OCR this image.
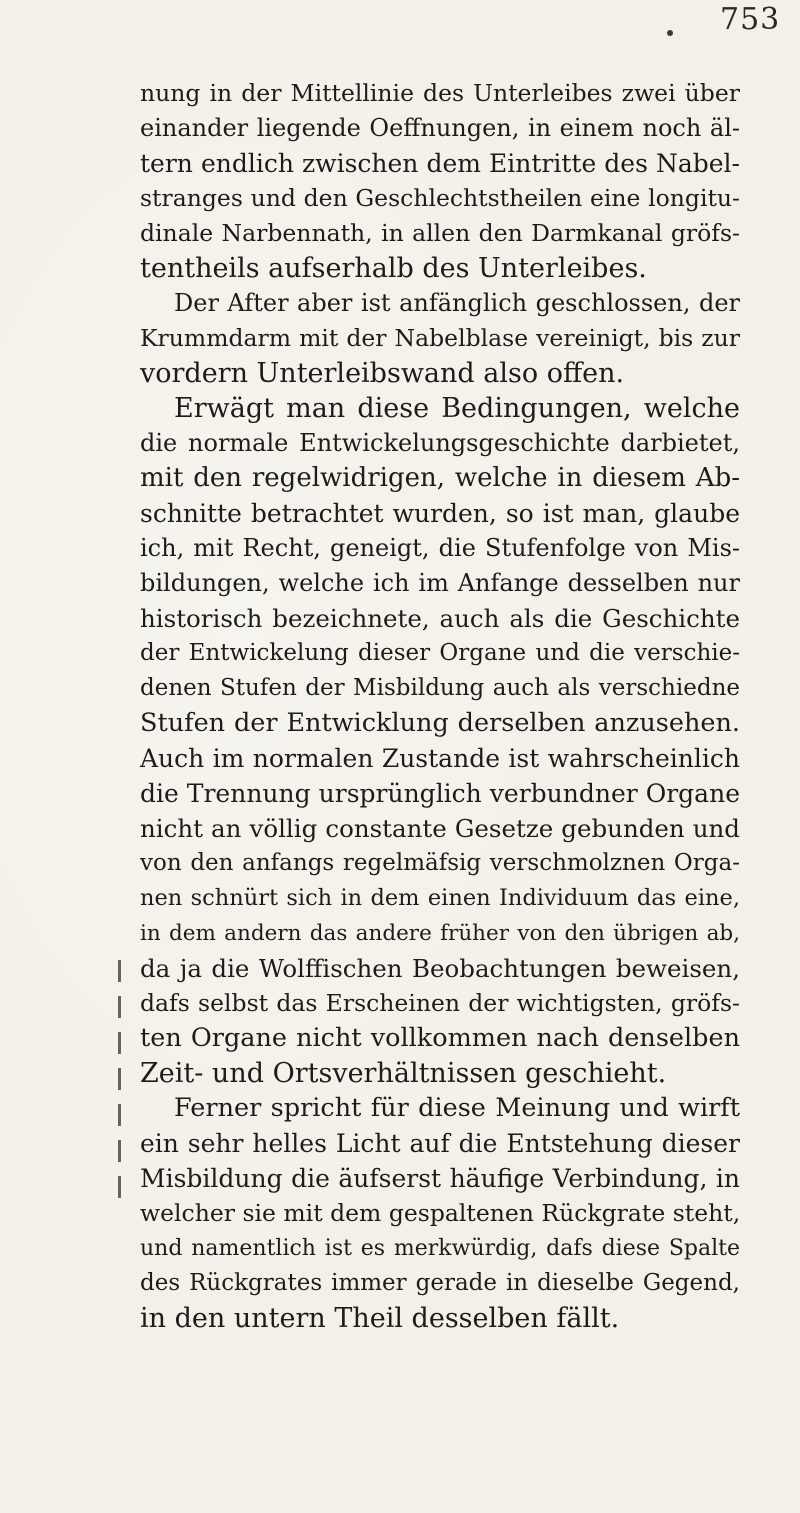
753
nung in der Mittellinie des Unterleibes zwei über
einander liegende Oeffnungen, in einem noch äl-
tern endlich zwischen dem Eintritte des Nabel-
stranges und den Geschlechtstheilen eine longitu-
dinale Narbennath, in allen den Darmkanal gröfs-
tentheils aufserhalb des Unterleibes.
Der After aber ist anfänglich geschlossen, der
Krummdarm mit der Nabelblase vereinigt, bis zur
vordern Unterleibswand also offen.
Erwägt man diese Bedingungen, welche
die normale Entwickelungsgeschichte darbietet,
mit den regelwidrigen, welche in diesem Ab-
schnitte betrachtet wurden, so ist man, glaube
ich, mit Recht, geneigt, die Stufenfolge von Mis-
bildungen, welche ich im Anfange desselben nur
historisch bezeichnete, auch als die Geschichte
der Entwickelung dieser Organe und die verschie-
denen Stufen der Misbildung auch als verschiedne
Stufen der Entwicklung derselben anzusehen.
Auch im normalen Zustande ist wahrscheinlich
die Trennung ursprünglich verbundner Organe
nicht an völlig constante Gesetze gebunden und
von den anfangs regelmäfsig verschmolznen Orga-
nen schnürt sich in dem einen Individuum das eine,
in dem andern das andere früher von den übrigen ab,
da ja die Wolffischen Beobachtungen beweisen,
dafs selbst das Erscheinen der wichtigsten, gröfs-
ten Organe nicht vollkommen nach denselben
Zeit- und Ortsverhältnissen geschieht.
Ferner spricht für diese Meinung und wirft
ein sehr helles Licht auf die Entstehung dieser
Misbildung die äufserst häufige Verbindung, in
welcher sie mit dem gespaltenen Rückgrate steht,
und namentlich ist es merkwürdig, dafs diese Spalte
des Rückgrates immer gerade in dieselbe Gegend,
in den untern Theil desselben fällt.
